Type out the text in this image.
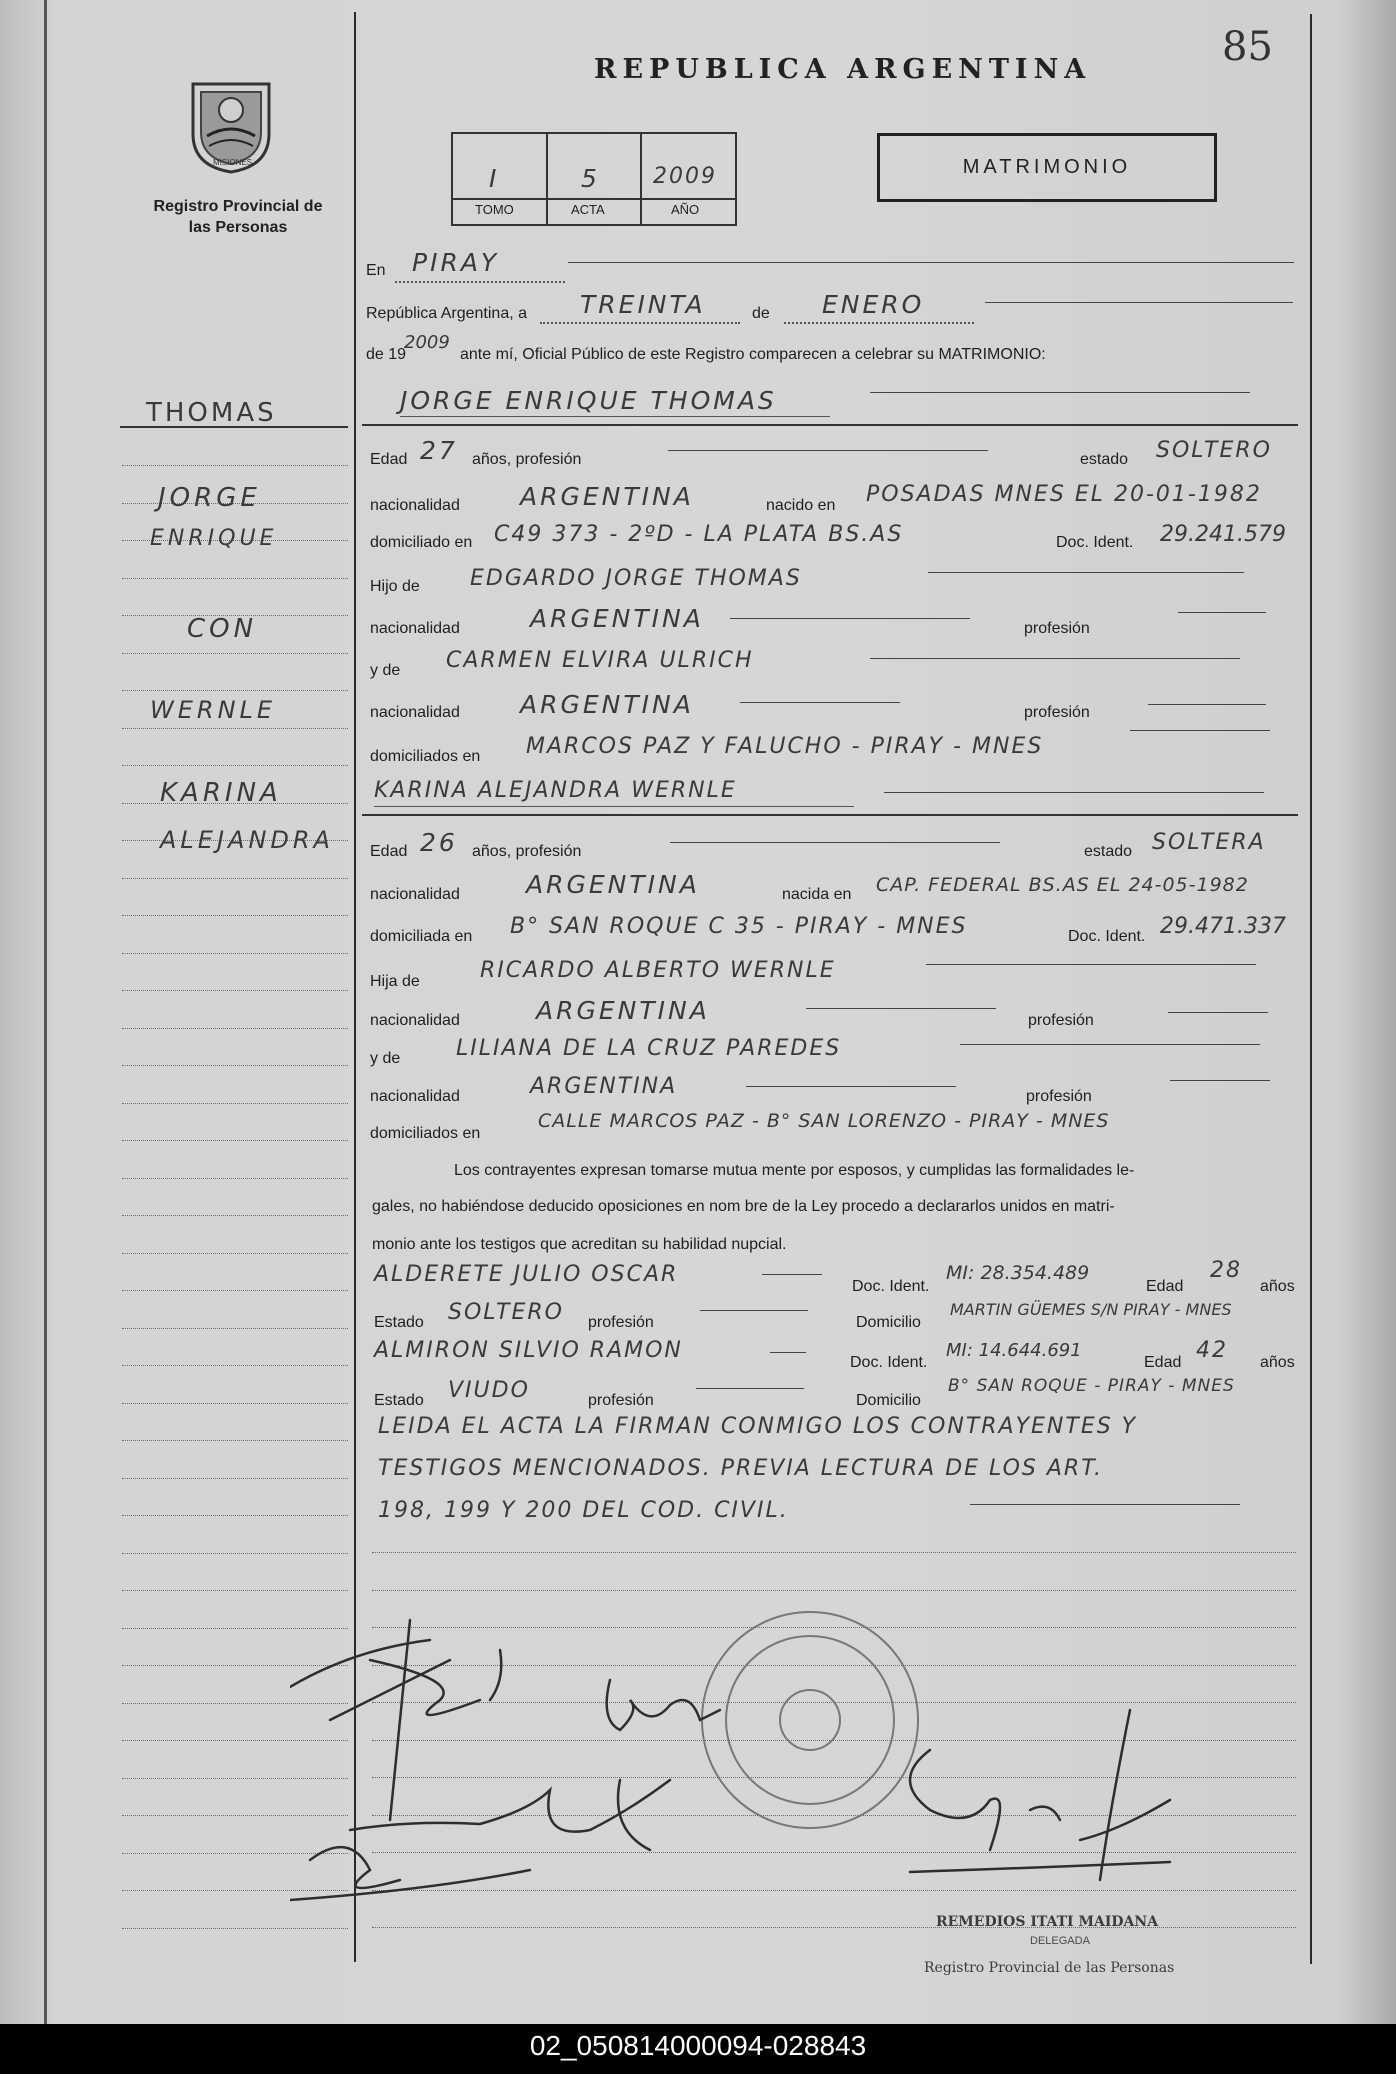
85
MISIONES
Registro Provincial de las Personas
REPUBLICA ARGENTINA
I	5 2009
TOMO	ACTA	AÑO
MATRIMONIO
THOMAS
JORGE
ENRIQUE
CON
WERNLE
KARINA
ALEJANDRA
En PIRAY
República Argentina, a TREINTA	de ENERO
de 19
2009
ante mí, Oficial Público de este Registro comparecen a celebrar su MATRIMONIO:
JORGE ENRIQUE THOMAS
Edad 27 años, profesión	estado SOLTERO
nacionalidad ARGENTINA	nacido en POSADAS MNES EL 20-01-1982
domiciliado en C49 373 - 2ºD - LA PLATA BS.AS	Doc. Ident. 29.241.579
Hijo de EDGARDO JORGE THOMAS
nacionalidad	ARGENTINA	profesión
y de CARMEN ELVIRA ULRICH
nacionalidad ARGENTINA	profesión
domiciliados en MARCOS PAZ Y FALUCHO - PIRAY - MNES
KARINA ALEJANDRA WERNLE
Edad 26 años, profesión	estado SOLTERA
nacionalidad	ARGENTINA	nacida en CAP. FEDERAL BS.AS EL 24-05-1982
domiciliada en B° SAN ROQUE C 35 - PIRAY - MNES	Doc. Ident. 29.471.337
Hija de	RICARDO ALBERTO WERNLE
nacionalidad	ARGENTINA	profesión
y de	LILIANA DE LA CRUZ PAREDES
nacionalidad	ARGENTINA	profesión
domiciliados en
CALLE MARCOS PAZ - B° SAN LORENZO - PIRAY - MNES
Los contrayentes expresan tomarse mutua mente por esposos, y cumplidas las formalidades le-
gales, no habiéndose deducido oposiciones en nom bre de la Ley procedo a declararlos unidos en matri-
monio ante los testigos que acreditan su habilidad nupcial.
ALDERETE JULIO OSCAR	Doc. Ident.
MI: 28.354.489
Edad
28
años
Estado SOLTERO profesión	Domicilio
MARTIN GÜEMES S/N PIRAY - MNES
ALMIRON SILVIO RAMON	Doc. Ident.
MI: 14.644.691
Edad 42 años
Estado VIUDO	profesión	Domicilio
B° SAN ROQUE - PIRAY - MNES
LEIDA EL ACTA LA FIRMAN CONMIGO LOS CONTRAYENTES Y
TESTIGOS MENCIONADOS. PREVIA LECTURA DE LOS ART.
198, 199 Y 200 DEL COD. CIVIL.
REMEDIOS ITATI MAIDANA
DELEGADA
Registro Provincial de las Personas
02_050814000094-028843
